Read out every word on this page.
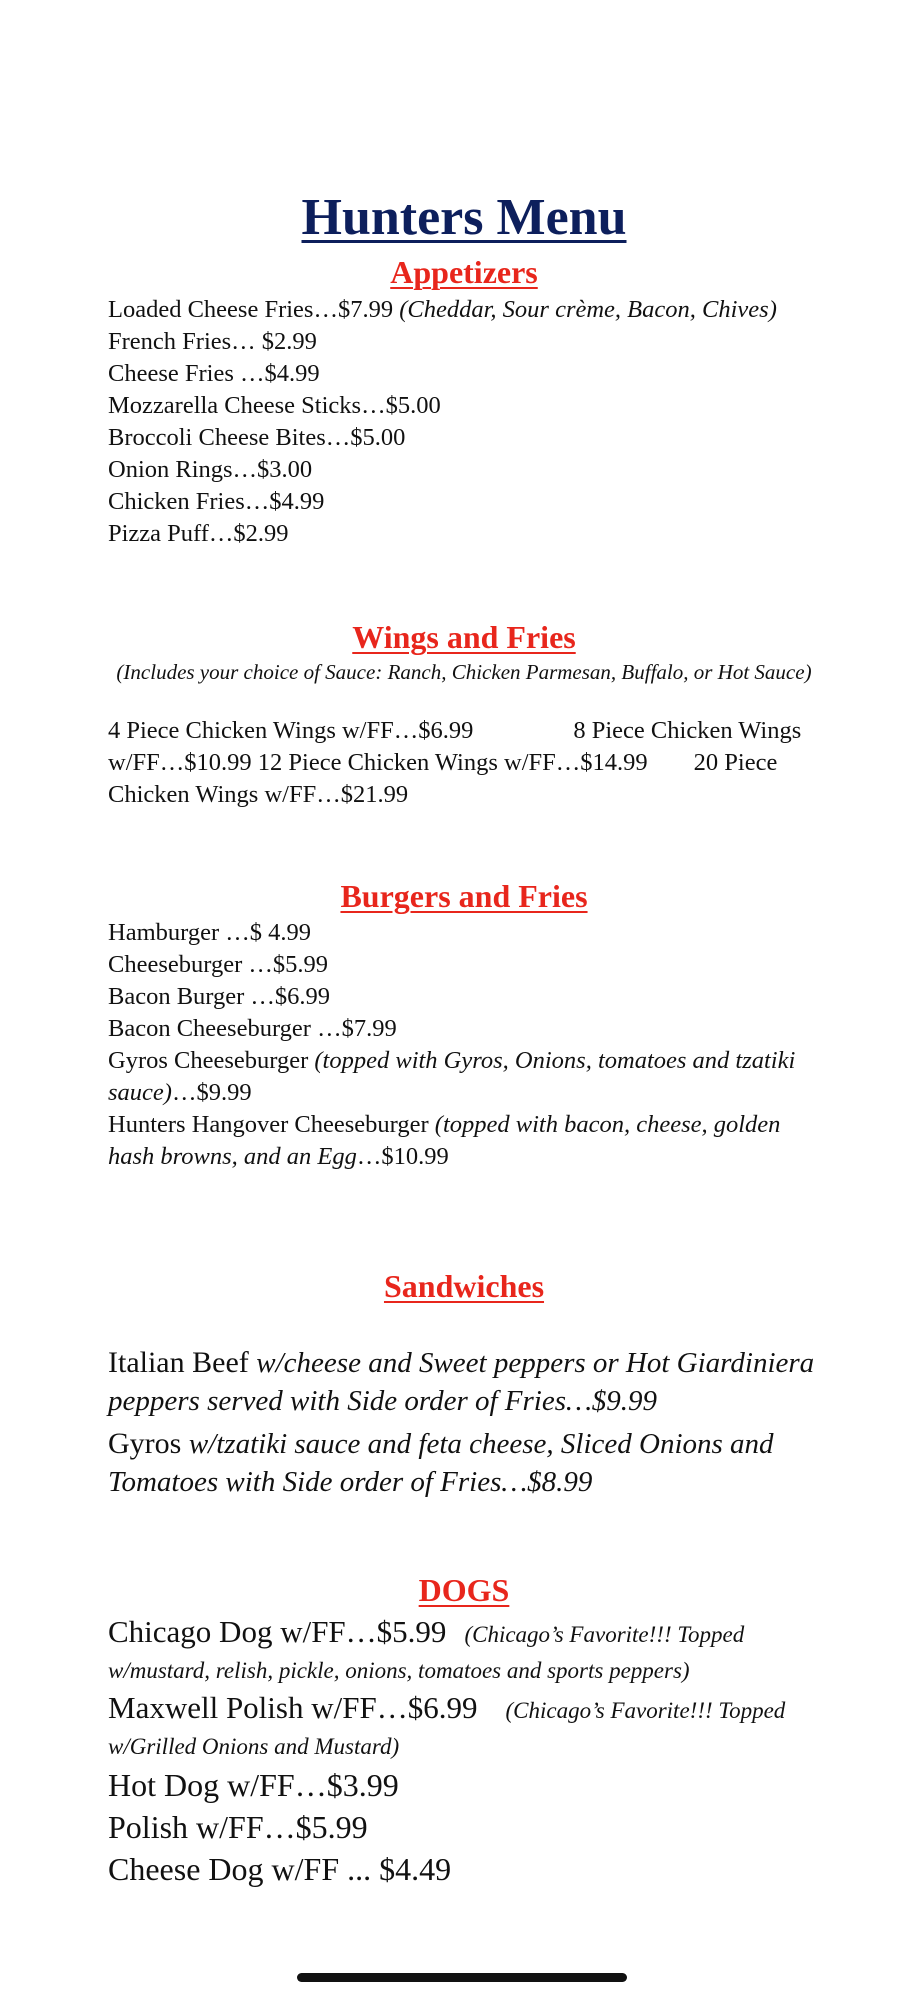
Hunters Menu
Appetizers
Loaded Cheese Fries…$7.99 (Cheddar, Sour crème, Bacon, Chives)
French Fries… $2.99
Cheese Fries …$4.99
Mozzarella Cheese Sticks…$5.00
Broccoli Cheese Bites…$5.00
Onion Rings…$3.00
Chicken Fries…$4.99
Pizza Puff…$2.99
Wings and Fries
(Includes your choice of Sauce: Ranch, Chicken Parmesan, Buffalo, or Hot Sauce)
4 Piece Chicken Wings w/FF…$6.99	8 Piece Chicken Wings w/FF…$10.99 12 Piece Chicken Wings w/FF…$14.99 20 Piece Chicken Wings w/FF…$21.99
Burgers and Fries
Hamburger …$ 4.99
Cheeseburger …$5.99
Bacon Burger …$6.99
Bacon Cheeseburger …$7.99
Gyros Cheeseburger (topped with Gyros, Onions, tomatoes and tzatiki sauce)…$9.99
Hunters Hangover Cheeseburger (topped with bacon, cheese, golden hash browns, and an Egg…$10.99
Sandwiches
Italian Beef w/cheese and Sweet peppers or Hot Giardiniera peppers served with Side order of Fries…$9.99
Gyros w/tzatiki sauce and feta cheese, Sliced Onions and Tomatoes with Side order of Fries…$8.99
DOGS
Chicago Dog w/FF…$5.99 (Chicago’s Favorite!!! Topped w/mustard, relish, pickle, onions, tomatoes and sports peppers)
Maxwell Polish w/FF…$6.99 (Chicago’s Favorite!!! Topped w/Grilled Onions and Mustard)
Hot Dog w/FF…$3.99
Polish w/FF…$5.99
Cheese Dog w/FF ... $4.49
